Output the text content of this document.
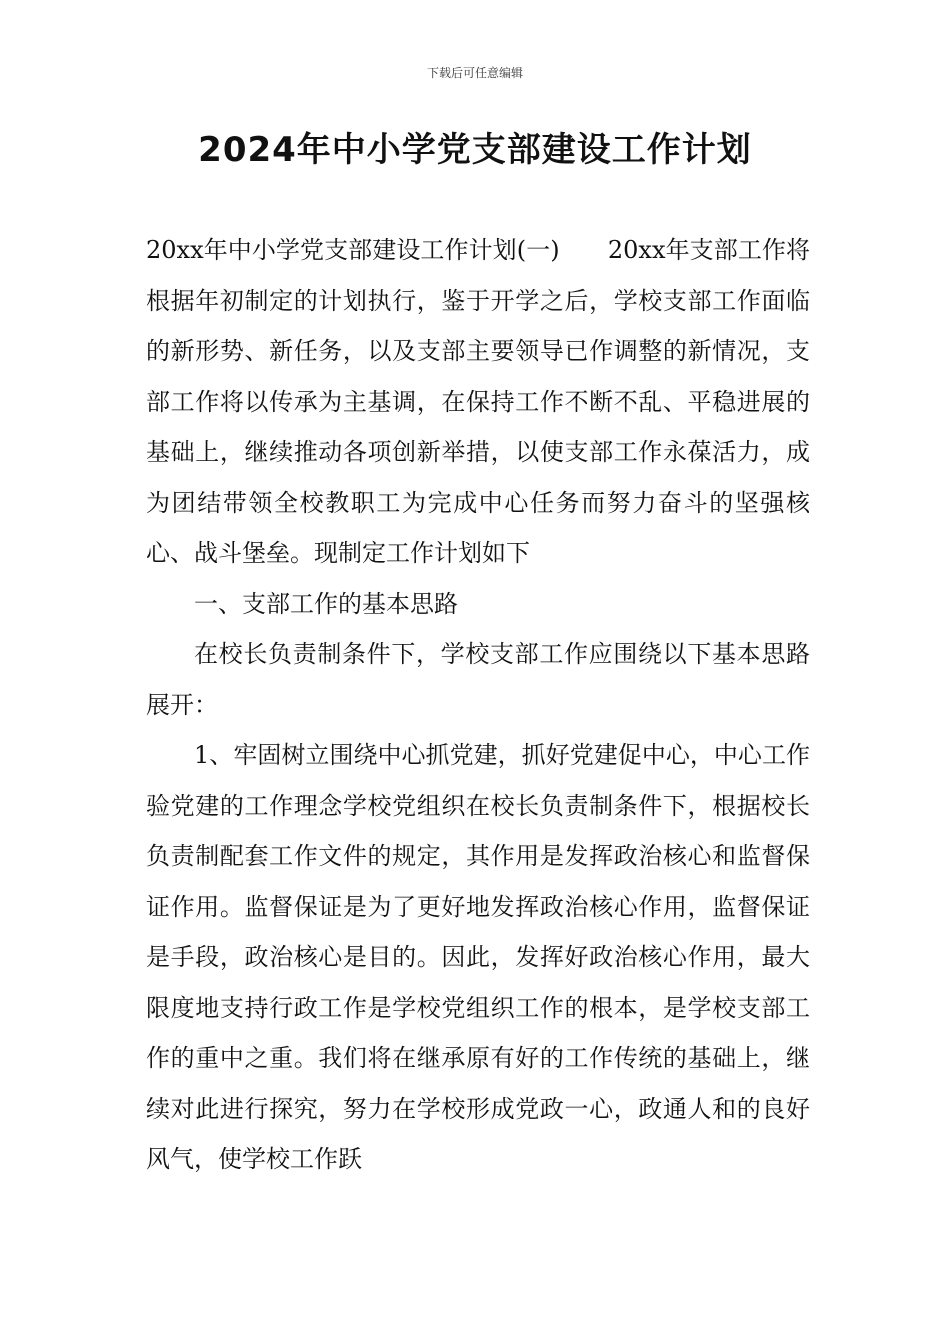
下载后可任意编辑
2024年中小学党支部建设工作计划

20xx年中小学党支部建设工作计划(一)　　20xx年支部工作将根据年初制定的计划执行，鉴于开学之后，学校支部工作面临的新形势、新任务，以及支部主要领导已作调整的新情况，支部工作将以传承为主基调，在保持工作不断不乱、平稳进展的基础上，继续推动各项创新举措，以使支部工作永葆活力，成为团结带领全校教职工为完成中心任务而努力奋斗的坚强核心、战斗堡垒。现制定工作计划如下

一、支部工作的基本思路

在校长负责制条件下，学校支部工作应围绕以下基本思路展开：

1、牢固树立围绕中心抓党建，抓好党建促中心，中心工作验党建的工作理念学校党组织在校长负责制条件下，根据校长负责制配套工作文件的规定，其作用是发挥政治核心和监督保证作用。监督保证是为了更好地发挥政治核心作用，监督保证是手段，政治核心是目的。因此，发挥好政治核心作用，最大限度地支持行政工作是学校党组织工作的根本，是学校支部工作的重中之重。我们将在继承原有好的工作传统的基础上，继续对此进行探究，努力在学校形成党政一心，政通人和的良好风气，使学校工作跃
